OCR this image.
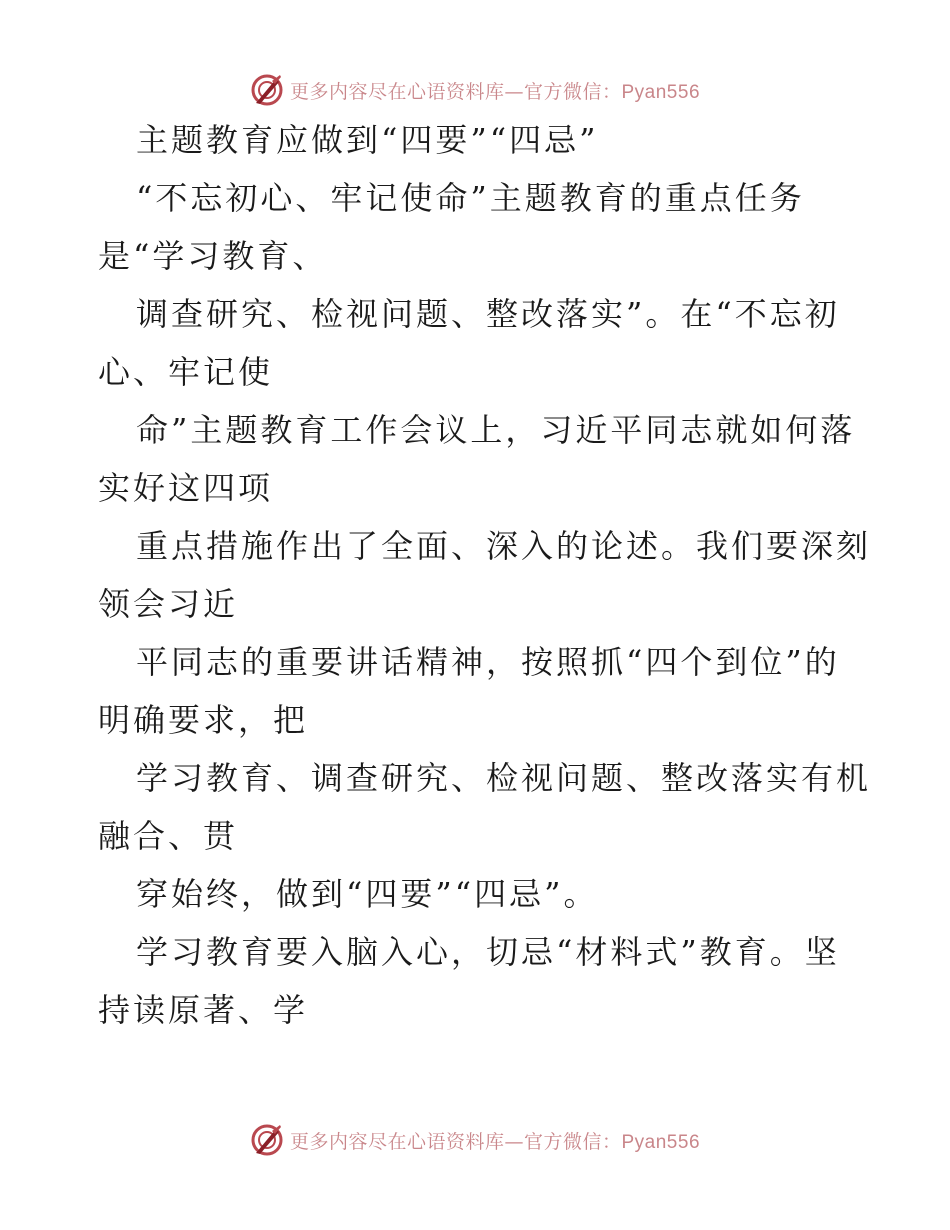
更多内容尽在心语资料库—官方微信：Pyan556
主题教育应做到“四要”“四忌”
“不忘初心、牢记使命”主题教育的重点任务
是“学习教育、
调查研究、检视问题、整改落实”。在“不忘初
心、牢记使
命”主题教育工作会议上，习近平同志就如何落
实好这四项
重点措施作出了全面、深入的论述。我们要深刻
领会习近
平同志的重要讲话精神，按照抓“四个到位”的
明确要求，把
学习教育、调查研究、检视问题、整改落实有机
融合、贯
穿始终，做到“四要”“四忌”。
学习教育要入脑入心，切忌“材料式”教育。坚
持读原著、学
更多内容尽在心语资料库—官方微信：Pyan556
